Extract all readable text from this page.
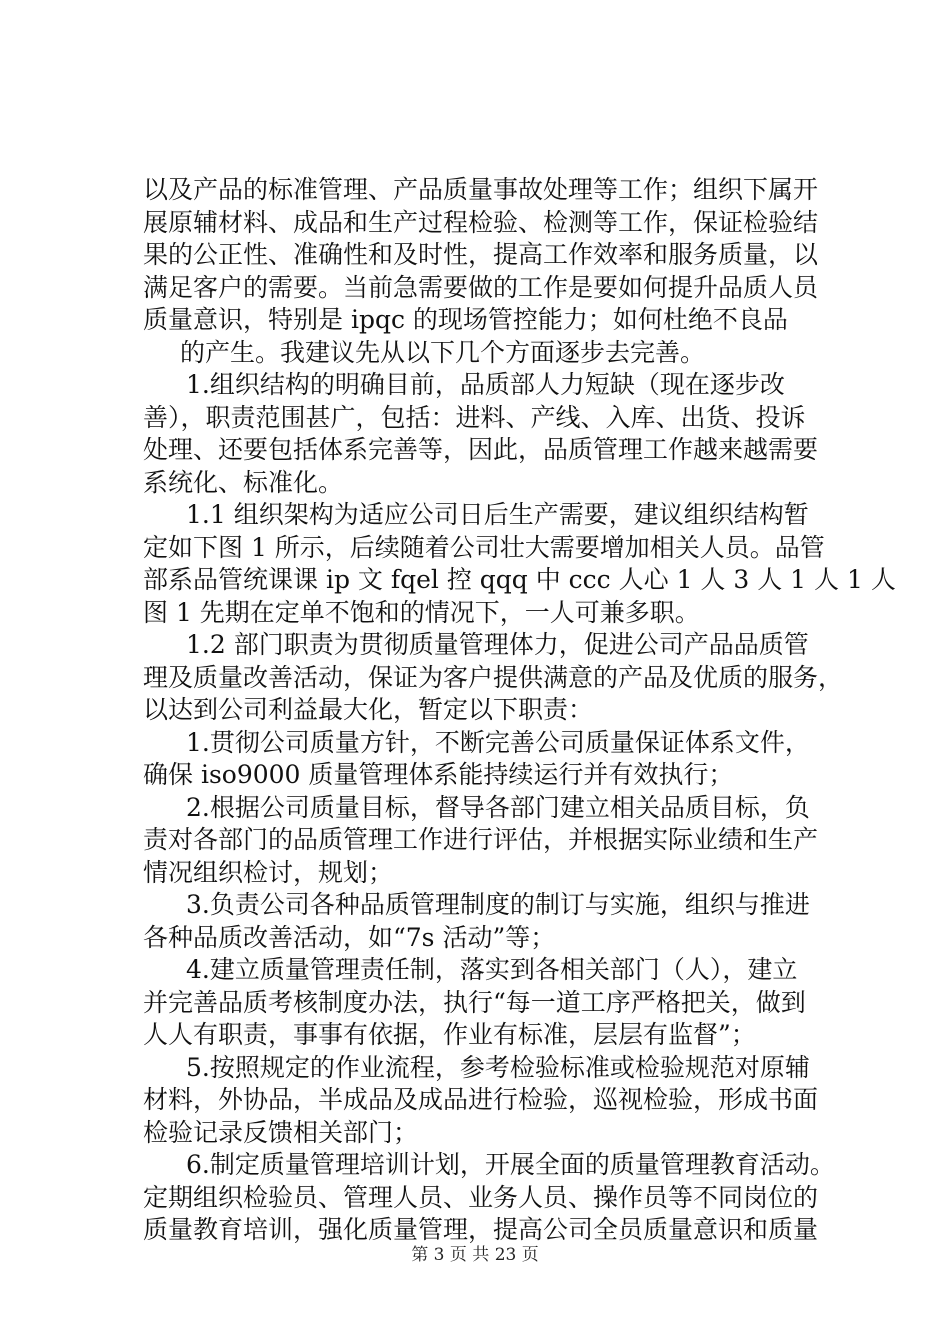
以及产品的标准管理、产品质量事故处理等工作；组织下属开
展原辅材料、成品和生产过程检验、检测等工作，保证检验结
果的公正性、准确性和及时性，提高工作效率和服务质量，以
满足客户的需要。当前急需要做的工作是要如何提升品质人员
质量意识，特别是 ipqc 的现场管控能力；如何杜绝不良品
的产生。我建议先从以下几个方面逐步去完善。
1.组织结构的明确目前，品质部人力短缺（现在逐步改
善），职责范围甚广，包括：进料、产线、入库、出货、投诉
处理、还要包括体系完善等，因此，品质管理工作越来越需要
系统化、标准化。
1.1 组织架构为适应公司日后生产需要，建议组织结构暂
定如下图 1 所示，后续随着公司壮大需要增加相关人员。品管
部系品管统课课 ip 文 fqel 控 qqq 中 ccc 人心 1 人 3 人 1 人 1 人
图 1 先期在定单不饱和的情况下，一人可兼多职。
1.2 部门职责为贯彻质量管理体力，促进公司产品品质管
理及质量改善活动，保证为客户提供满意的产品及优质的服务，
以达到公司利益最大化，暂定以下职责：
1.贯彻公司质量方针，不断完善公司质量保证体系文件，
确保 iso9000 质量管理体系能持续运行并有效执行；
2.根据公司质量目标，督导各部门建立相关品质目标，负
责对各部门的品质管理工作进行评估，并根据实际业绩和生产
情况组织检讨，规划；
3.负责公司各种品质管理制度的制订与实施，组织与推进
各种品质改善活动，如“7s 活动”等；
4.建立质量管理责任制，落实到各相关部门（人），建立
并完善品质考核制度办法，执行“每一道工序严格把关，做到
人人有职责，事事有依据，作业有标准，层层有监督”；
5.按照规定的作业流程，参考检验标准或检验规范对原辅
材料，外协品，半成品及成品进行检验，巡视检验，形成书面
检验记录反馈相关部门；
6.制定质量管理培训计划，开展全面的质量管理教育活动。
定期组织检验员、管理人员、业务人员、操作员等不同岗位的
质量教育培训，强化质量管理，提高公司全员质量意识和质量
第 3 页 共 23 页
